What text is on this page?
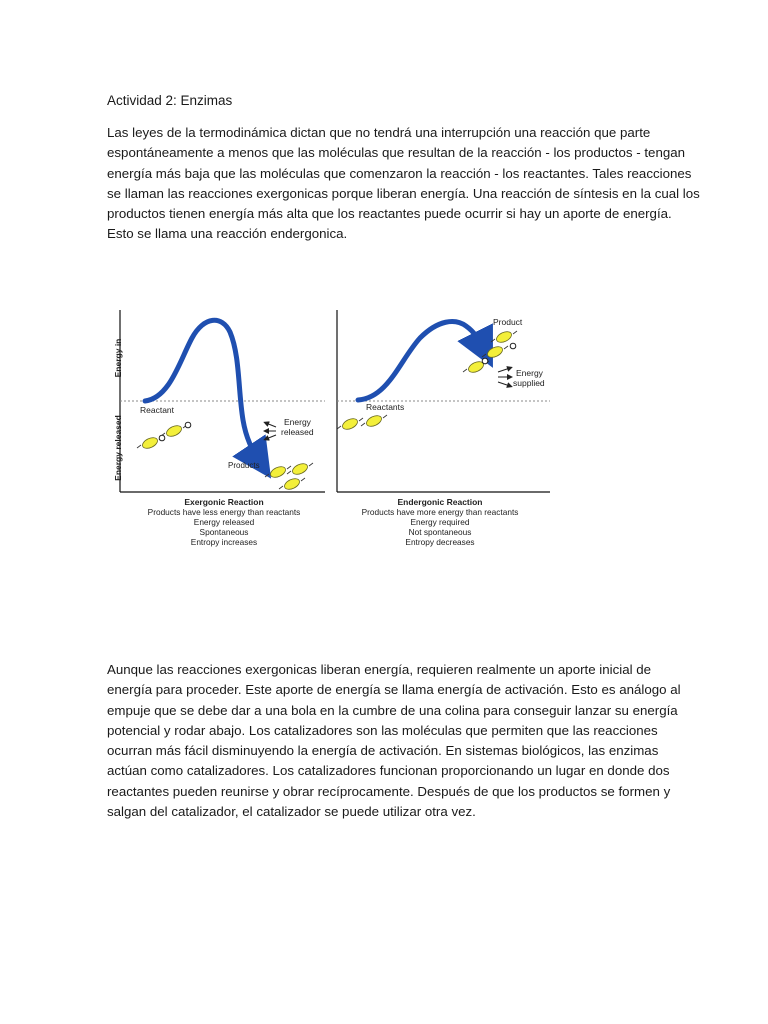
Actividad 2: Enzimas
Las leyes de la termodinámica dictan que no tendrá una interrupción una reacción que parte
espontáneamente a menos que las moléculas que resultan de la reacción - los productos - tengan
energía más baja que las moléculas que comenzaron la reacción - los reactantes. Tales reacciones
se llaman las reacciones exergonicas porque liberan energía. Una reacción de síntesis en la cual los
productos tienen energía más alta que los reactantes puede ocurrir si hay un aporte de energía.
Esto se llama una reacción endergonica.
Energy in
Energy released
Reactant
Energy
released
Products
Reactants
Product
Energy
supplied
Exergonic Reaction
Products have less energy than reactants
Energy released
Spontaneous
Entropy increases
Endergonic Reaction
Products have more energy than reactants
Energy required
Not spontaneous
Entropy decreases
Aunque las reacciones exergonicas liberan energía, requieren realmente un aporte inicial de
energía para proceder. Este aporte de energía se llama energía de activación. Esto es análogo al
empuje que se debe dar a una bola en la cumbre de una colina para conseguir lanzar su energía
potencial y rodar abajo. Los catalizadores son las moléculas que permiten que las reacciones
ocurran más fácil disminuyendo la energía de activación. En sistemas biológicos, las enzimas
actúan como catalizadores. Los catalizadores funcionan proporcionando un lugar en donde dos
reactantes pueden reunirse y obrar recíprocamente. Después de que los productos se formen y
salgan del catalizador, el catalizador se puede utilizar otra vez.
